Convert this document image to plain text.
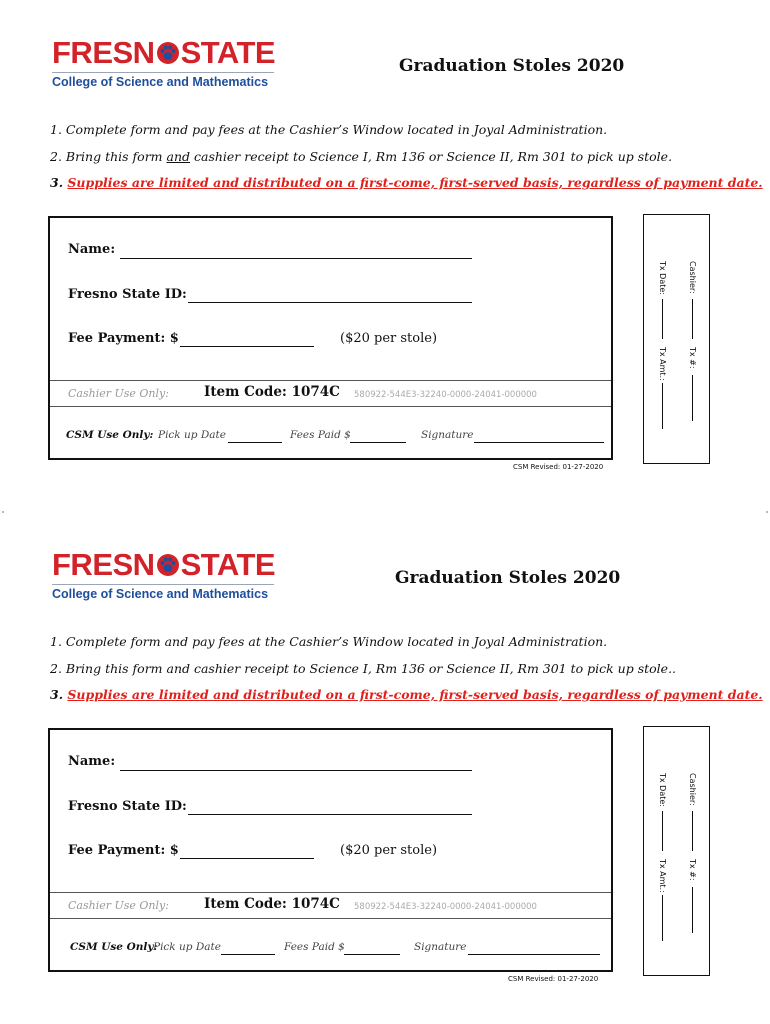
FRESN STATE
College of Science and Mathematics
Graduation Stoles 2020
1. Complete form and pay fees at the Cashier’s Window located in Joyal Administration.
2. Bring this form and cashier receipt to Science I, Rm 136 or Science II, Rm 301 to pick up stole.
3. Supplies are limited and distributed on a first-come, first-served basis, regardless of payment date.
Name:
Fresno State ID:
Fee Payment: $	($20 per stole)
Cashier Use Only:	Item Code: 1074C 580922-544E3-32240-0000-24041-000000
CSM Use Only: Pick up Date	Fees Paid $	Signature
CSM Revised: 01-27-2020
Cashier:
Tx #:
Tx Date:
Tx Amt.:
FRESN STATE
College of Science and Mathematics
Graduation Stoles 2020
1. Complete form and pay fees at the Cashier’s Window located in Joyal Administration.
2. Bring this form and cashier receipt to Science I, Rm 136 or Science II, Rm 301 to pick up stole..
3. Supplies are limited and distributed on a first-come, first-served basis, regardless of payment date.
Name:
Fresno State ID:
Fee Payment: $	($20 per stole)
Cashier Use Only:	Item Code: 1074C 580922-544E3-32240-0000-24041-000000
CSM Use Only:
Pick up Date	Fees Paid $	Signature
CSM Revised: 01-27-2020
Cashier:
Tx #:
Tx Date:
Tx Amt.:
